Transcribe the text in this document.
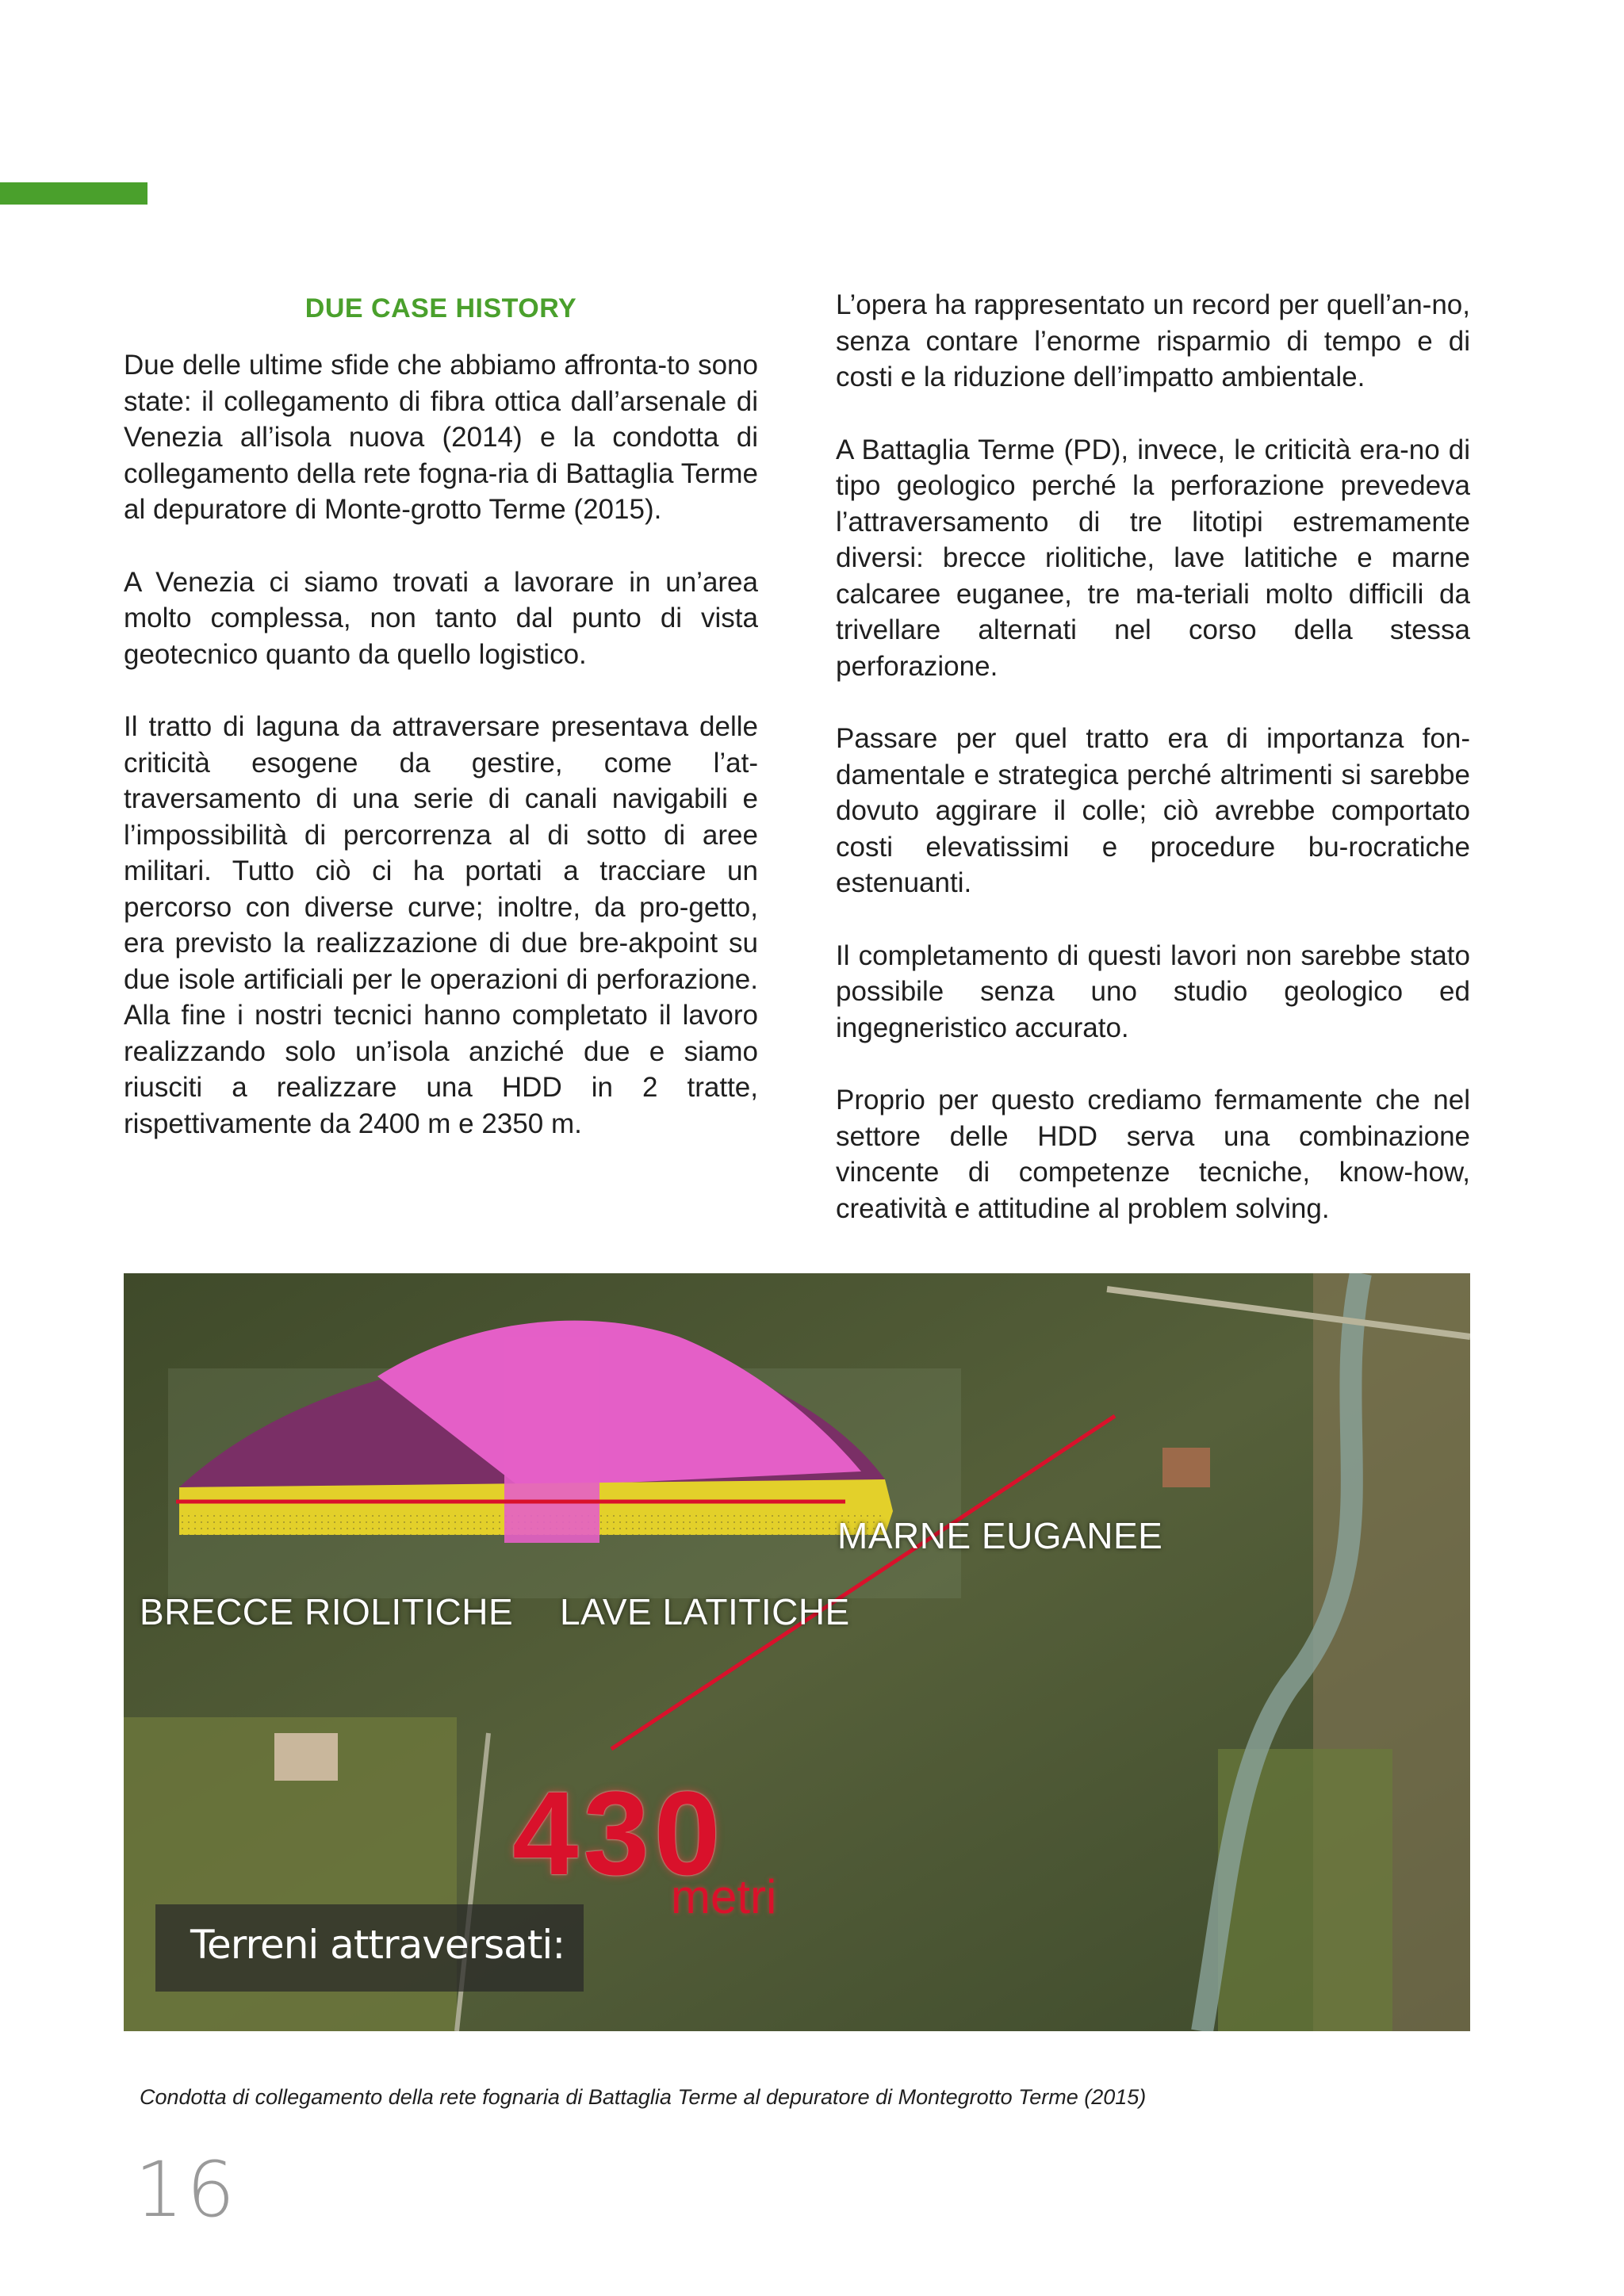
DUE CASE HISTORY

Due delle ultime sfide che abbiamo affronta-to sono state: il collegamento di fibra ottica dall’arsenale di Venezia all’isola nuova (2014) e la condotta di collegamento della rete fogna-ria di Battaglia Terme al depuratore di Monte-grotto Terme (2015).

A Venezia ci siamo trovati a lavorare in un’area molto complessa, non tanto dal punto di vista geotecnico quanto da quello logistico.

Il tratto di laguna da attraversare presentava delle criticità esogene da gestire, come l’at-traversamento di una serie di canali navigabili e l’impossibilità di percorrenza al di sotto di aree militari. Tutto ciò ci ha portati a tracciare un percorso con diverse curve; inoltre, da pro-getto, era previsto la realizzazione di due bre-akpoint su due isole artificiali per le operazioni di perforazione. Alla fine i nostri tecnici hanno completato il lavoro realizzando solo un’isola anziché due e siamo riusciti a realizzare una HDD in 2 tratte, rispettivamente da 2400 m e 2350 m.

L’opera ha rappresentato un record per quell’an-no, senza contare l’enorme risparmio di tempo e di costi e la riduzione dell’impatto ambientale.

A Battaglia Terme (PD), invece, le criticità era-no di tipo geologico perché la perforazione prevedeva l’attraversamento di tre litotipi estremamente diversi: brecce riolitiche, lave latitiche e marne calcaree euganee, tre ma-teriali molto difficili da trivellare alternati nel corso della stessa perforazione.

Passare per quel tratto era di importanza fon-damentale e strategica perché altrimenti si sarebbe dovuto aggirare il colle; ciò avrebbe comportato costi elevatissimi e procedure bu-rocratiche estenuanti.

Il completamento di questi lavori non sarebbe stato possibile senza uno studio geologico ed ingegneristico accurato.

Proprio per questo crediamo fermamente che nel settore delle HDD serva una combinazione vincente di competenze tecniche, know-how, creatività e attitudine al problem solving.

MARNE EUGANEE
BRECCE RIOLITICHE LAVE LATITICHE
430
metri
Terreni attraversati:
Condotta di collegamento della rete fognaria di Battaglia Terme al depuratore di Montegrotto Terme (2015)
16
